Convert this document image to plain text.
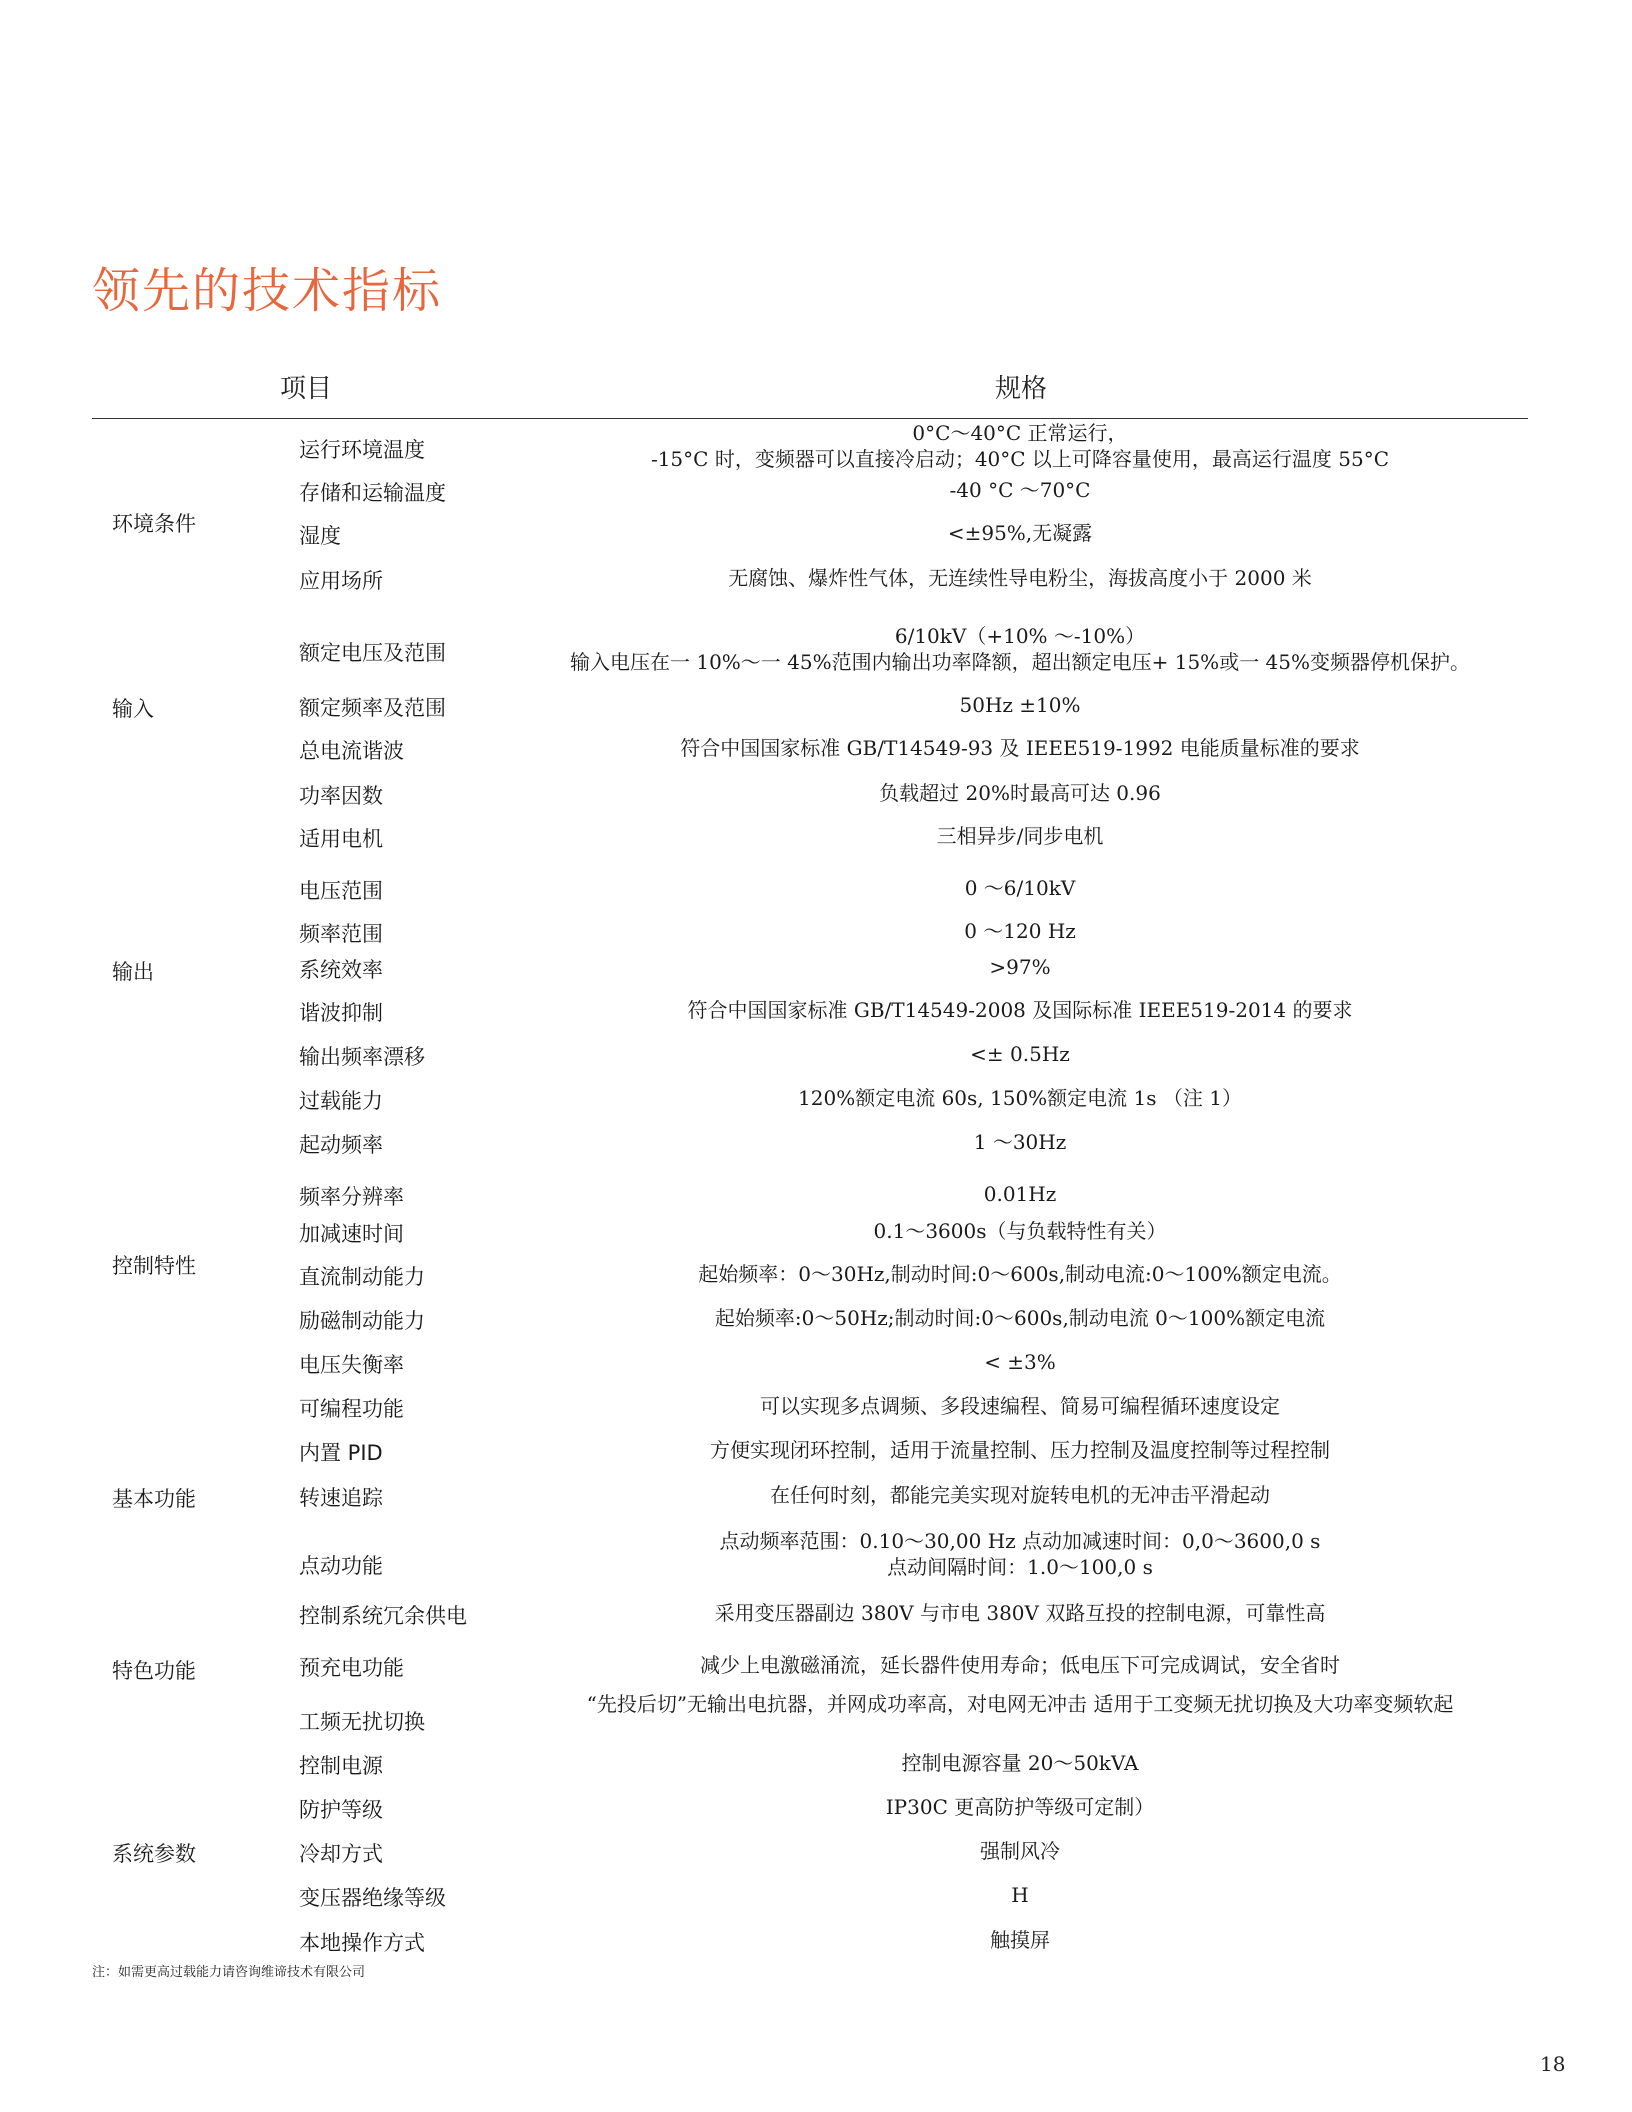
领先的技术指标
项目	规格
环境条件
输入
输出
控制特性
基本功能
特色功能
系统参数
运行环境温度
存储和运输温度
湿度
应用场所
额定电压及范围
额定频率及范围
总电流谐波
功率因数
适用电机
电压范围
频率范围
系统效率
谐波抑制
输出频率漂移
过载能力
起动频率
频率分辨率
加减速时间
直流制动能力
励磁制动能力
电压失衡率
可编程功能
内置 PID
转速追踪
点动功能
控制系统冗余供电
预充电功能
工频无扰切换
控制电源
防护等级
冷却方式
变压器绝缘等级
本地操作方式
0°C～40°C 正常运行，
-15°C 时，变频器可以直接冷启动；40°C 以上可降容量使用，最高运行温度 55°C
-40 °C ～70°C
<±95%,无凝露
无腐蚀、爆炸性气体，无连续性导电粉尘，海拔高度小于 2000 米
6/10kV（+10% ～-10%）
输入电压在一 10%～一 45%范围内输出功率降额，超出额定电压+ 15%或一 45%变频器停机保护。
50Hz ±10%
符合中国国家标准 GB/T14549-93 及 IEEE519-1992 电能质量标准的要求
负载超过 20%时最高可达 0.96
三相异步/同步电机
0 ～6/10kV
0 ～120 Hz
>97%
符合中国国家标准 GB/T14549-2008 及国际标准 IEEE519-2014 的要求
<± 0.5Hz
120%额定电流 60s, 150%额定电流 1s （注 1）
1 ～30Hz
0.01Hz
0.1～3600s（与负载特性有关）
起始频率：0～30Hz,制动时间:0～600s,制动电流:0～100%额定电流。
起始频率:0～50Hz;制动时间:0～600s,制动电流 0～100%额定电流
< ±3%
可以实现多点调频、多段速编程、简易可编程循环速度设定
方便实现闭环控制，适用于流量控制、压力控制及温度控制等过程控制
在任何时刻，都能完美实现对旋转电机的无冲击平滑起动
点动频率范围：0.10～30,00 Hz 点动加减速时间：0,0～3600,0 s
点动间隔时间：1.0～100,0 s
采用变压器副边 380V 与市电 380V 双路互投的控制电源，可靠性高
减少上电激磁涌流，延长器件使用寿命；低电压下可完成调试，安全省时
“先投后切”无输出电抗器，并网成功率高，对电网无冲击 适用于工变频无扰切换及大功率变频软起
控制电源容量 20～50kVA
IP30C 更高防护等级可定制）
强制风冷
H
触摸屏
注：如需更高过载能力请咨询维谛技术有限公司
18
